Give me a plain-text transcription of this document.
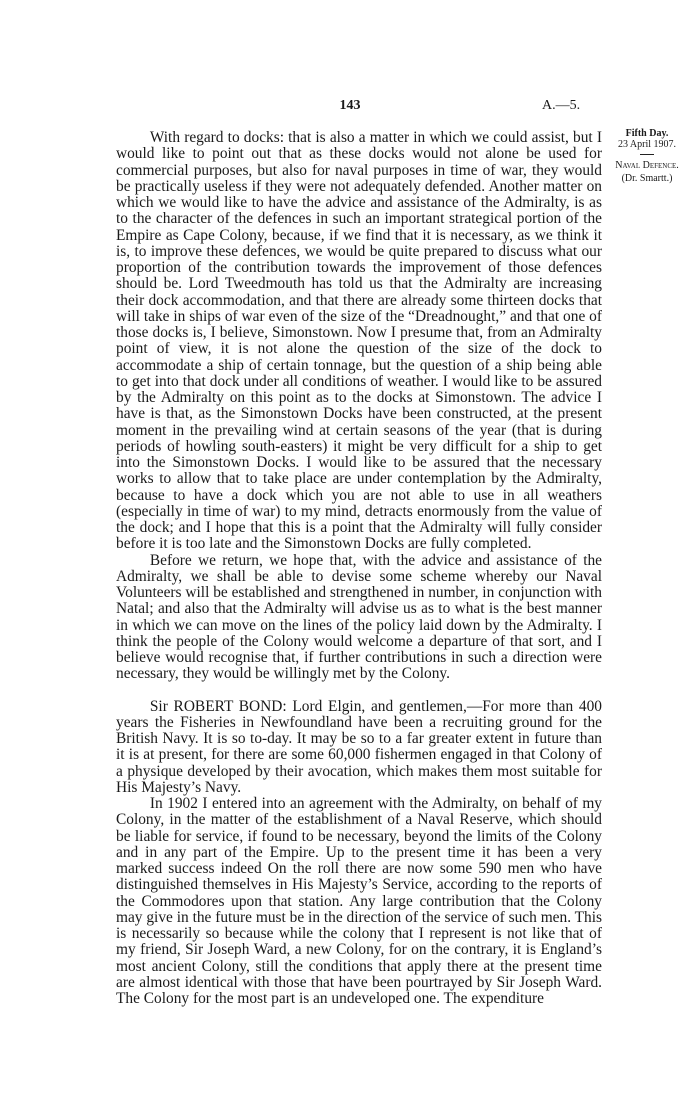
143	A.—5.
Fifth Day.
23 April 1907.
Naval Defence.
(Dr. Smartt.)

With regard to docks: that is also a matter in which we could assist, but I would like to point out that as these docks would not alone be used for commercial purposes, but also for naval purposes in time of war, they would be practically useless if they were not adequately defended. Another matter on which we would like to have the advice and assistance of the Admiralty, is as to the character of the defences in such an important strategical portion of the Empire as Cape Colony, because, if we find that it is necessary, as we think it is, to improve these defences, we would be quite prepared to discuss what our proportion of the contribution towards the improvement of those defences should be. Lord Tweedmouth has told us that the Admiralty are increasing their dock accommodation, and that there are already some thirteen docks that will take in ships of war even of the size of the “Dreadnought,” and that one of those docks is, I believe, Simonstown. Now I presume that, from an Admiralty point of view, it is not alone the question of the size of the dock to accommodate a ship of certain tonnage, but the question of a ship being able to get into that dock under all conditions of weather. I would like to be assured by the Admiralty on this point as to the docks at Simonstown. The advice I have is that, as the Simonstown Docks have been constructed, at the present moment in the prevailing wind at certain seasons of the year (that is during periods of howling south-easters) it might be very difficult for a ship to get into the Simonstown Docks. I would like to be assured that the necessary works to allow that to take place are under contemplation by the Admiralty, because to have a dock which you are not able to use in all weathers (especially in time of war) to my mind, detracts enormously from the value of the dock; and I hope that this is a point that the Admiralty will fully consider before it is too late and the Simonstown Docks are fully completed.

Before we return, we hope that, with the advice and assistance of the Admiralty, we shall be able to devise some scheme whereby our Naval Volunteers will be established and strengthened in number, in conjunction with Natal; and also that the Admiralty will advise us as to what is the best manner in which we can move on the lines of the policy laid down by the Admiralty. I think the people of the Colony would welcome a departure of that sort, and I believe would recognise that, if further contributions in such a direction were necessary, they would be willingly met by the Colony.

Sir ROBERT BOND: Lord Elgin, and gentlemen,—For more than 400 years the Fisheries in Newfoundland have been a recruiting ground for the British Navy. It is so to-day. It may be so to a far greater extent in future than it is at present, for there are some 60,000 fishermen engaged in that Colony of a physique developed by their avocation, which makes them most suitable for His Majesty’s Navy.

In 1902 I entered into an agreement with the Admiralty, on behalf of my Colony, in the matter of the establishment of a Naval Reserve, which should be liable for service, if found to be necessary, beyond the limits of the Colony and in any part of the Empire. Up to the present time it has been a very marked success indeed On the roll there are now some 590 men who have distinguished themselves in His Majesty’s Service, according to the reports of the Commodores upon that station. Any large contribution that the Colony may give in the future must be in the direction of the service of such men. This is necessarily so because while the colony that I represent is not like that of my friend, Sir Joseph Ward, a new Colony, for on the contrary, it is England’s most ancient Colony, still the conditions that apply there at the present time are almost identical with those that have been pourtrayed by Sir Joseph Ward. The Colony for the most part is an undeveloped one. The expenditure
